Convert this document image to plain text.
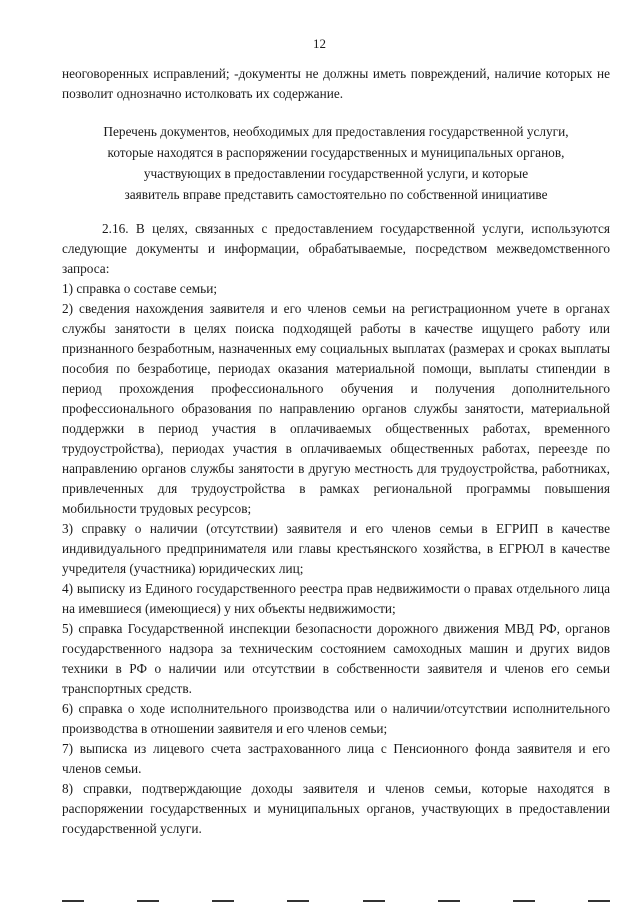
12

неоговоренных исправлений; -документы не должны иметь повреждений, наличие которых не позволит однозначно истолковать их содержание.

Перечень документов, необходимых для предоставления государственной услуги,
которые находятся в распоряжении государственных и муниципальных органов,
участвующих в предоставлении государственной услуги, и которые
заявитель вправе представить самостоятельно по собственной инициативе

2.16. В целях, связанных с предоставлением государственной услуги, используются следующие документы и информации, обрабатываемые, посредством межведомственного запроса:

1) справка о составе семьи;

2) сведения нахождения заявителя и его членов семьи на регистрационном учете в органах службы занятости в целях поиска подходящей работы в качестве ищущего работу или признанного безработным, назначенных ему социальных выплатах (размерах и сроках выплаты пособия по безработице, периодах оказания материальной помощи, выплаты стипендии в период прохождения профессионального обучения и получения дополнительного профессионального образования по направлению органов службы занятости, материальной поддержки в период участия в оплачиваемых общественных работах, временного трудоустройства), периодах участия в оплачиваемых общественных работах, переезде по направлению органов службы занятости в другую местность для трудоустройства, работниках, привлеченных для трудоустройства в рамках региональной программы повышения мобильности трудовых ресурсов;

3) справку о наличии (отсутствии) заявителя и его членов семьи в ЕГРИП в качестве индивидуального предпринимателя или главы крестьянского хозяйства, в ЕГРЮЛ в качестве учредителя (участника) юридических лиц;

4) выписку из Единого государственного реестра прав недвижимости о правах отдельного лица на имевшиеся (имеющиеся) у них объекты недвижимости;

5) справка Государственной инспекции безопасности дорожного движения МВД РФ, органов государственного надзора за техническим состоянием самоходных машин и других видов техники в РФ о наличии или отсутствии в собственности заявителя и членов его семьи транспортных средств.

6) справка о ходе исполнительного производства или о наличии/отсутствии исполнительного производства в отношении заявителя и его членов семьи;

7) выписка из лицевого счета застрахованного лица с Пенсионного фонда заявителя и его членов семьи.

8) справки, подтверждающие доходы заявителя и членов семьи, которые находятся в распоряжении государственных и муниципальных органов, участвующих в предоставлении государственной услуги.
